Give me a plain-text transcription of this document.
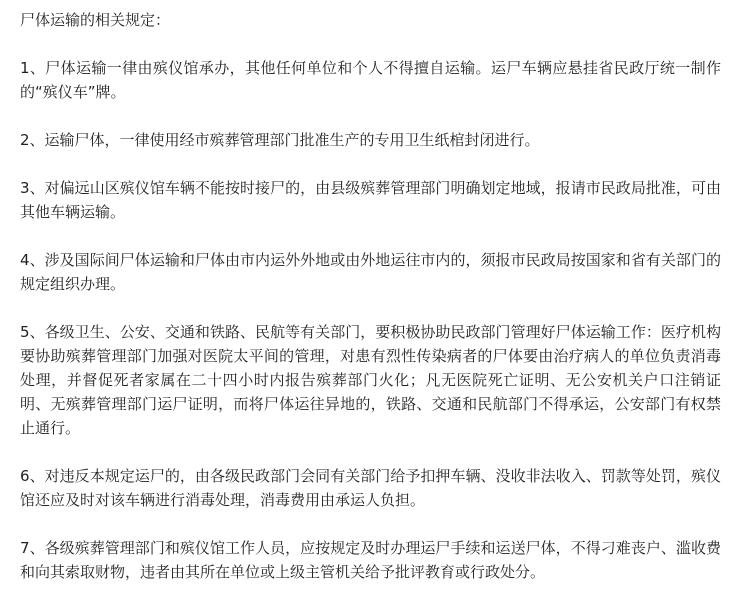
尸体运输的相关规定：
1、尸体运输一律由殡仪馆承办，其他任何单位和个人不得擅自运输。运尸车辆应悬挂省民政厅统一制作的“殡仪车”牌。
2、运输尸体，一律使用经市殡葬管理部门批准生产的专用卫生纸棺封闭进行。
3、对偏远山区殡仪馆车辆不能按时接尸的，由县级殡葬管理部门明确划定地域，报请市民政局批准，可由其他车辆运输。
4、涉及国际间尸体运输和尸体由市内运外外地或由外地运往市内的，须报市民政局按国家和省有关部门的规定组织办理。
5、各级卫生、公安、交通和铁路、民航等有关部门，要积极协助民政部门管理好尸体运输工作：医疗机构要协助殡葬管理部门加强对医院太平间的管理，对患有烈性传染病者的尸体要由治疗病人的单位负责消毒处理，并督促死者家属在二十四小时内报告殡葬部门火化；凡无医院死亡证明、无公安机关户口注销证明、无殡葬管理部门运尸证明，而将尸体运往异地的，铁路、交通和民航部门不得承运，公安部门有权禁止通行。
6、对违反本规定运尸的，由各级民政部门会同有关部门给予扣押车辆、没收非法收入、罚款等处罚，殡仪馆还应及时对该车辆进行消毒处理，消毒费用由承运人负担。
7、各级殡葬管理部门和殡仪馆工作人员，应按规定及时办理运尸手续和运送尸体，不得刁难丧户、滥收费和向其索取财物，违者由其所在单位或上级主管机关给予批评教育或行政处分。
